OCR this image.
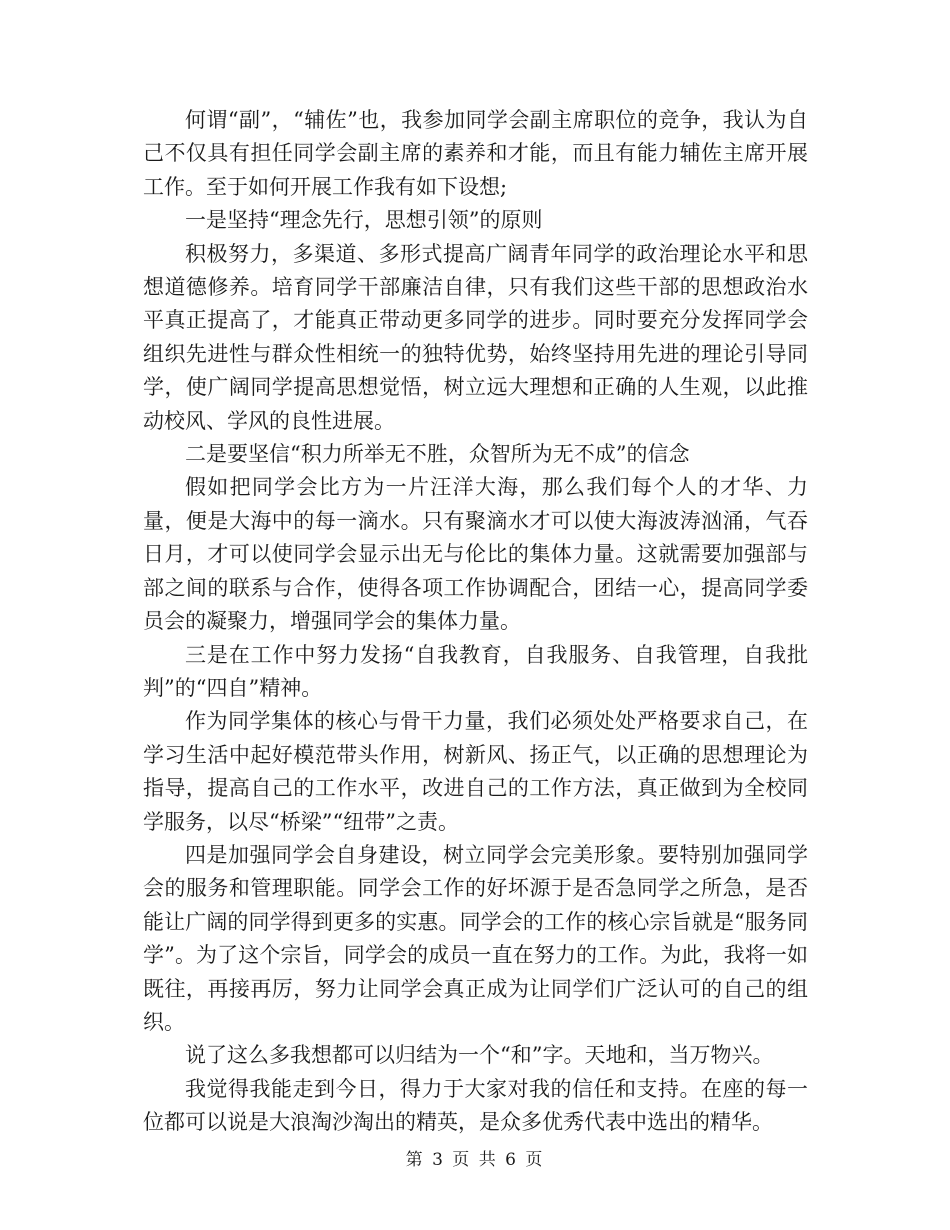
何谓“副”，“辅佐”也，我参加同学会副主席职位的竞争，我认为自己不仅具有担任同学会副主席的素养和才能，而且有能力辅佐主席开展工作。至于如何开展工作我有如下设想;

一是坚持“理念先行，思想引领”的原则

积极努力，多渠道、多形式提高广阔青年同学的政治理论水平和思想道德修养。培育同学干部廉洁自律，只有我们这些干部的思想政治水平真正提高了，才能真正带动更多同学的进步。同时要充分发挥同学会组织先进性与群众性相统一的独特优势，始终坚持用先进的理论引导同学，使广阔同学提高思想觉悟，树立远大理想和正确的人生观，以此推动校风、学风的良性进展。

二是要坚信“积力所举无不胜，众智所为无不成”的信念

假如把同学会比方为一片汪洋大海，那么我们每个人的才华、力量，便是大海中的每一滴水。只有聚滴水才可以使大海波涛汹涌，气吞日月，才可以使同学会显示出无与伦比的集体力量。这就需要加强部与部之间的联系与合作，使得各项工作协调配合，团结一心，提高同学委员会的凝聚力，增强同学会的集体力量。

三是在工作中努力发扬“自我教育，自我服务、自我管理，自我批判”的“四自”精神。

作为同学集体的核心与骨干力量，我们必须处处严格要求自己，在学习生活中起好模范带头作用，树新风、扬正气，以正确的思想理论为指导，提高自己的工作水平，改进自己的工作方法，真正做到为全校同学服务，以尽“桥梁”“纽带”之责。

四是加强同学会自身建设，树立同学会完美形象。要特别加强同学会的服务和管理职能。同学会工作的好坏源于是否急同学之所急，是否能让广阔的同学得到更多的实惠。同学会的工作的核心宗旨就是“服务同学”。为了这个宗旨，同学会的成员一直在努力的工作。为此，我将一如既往，再接再厉，努力让同学会真正成为让同学们广泛认可的自己的组织。

说了这么多我想都可以归结为一个“和”字。天地和，当万物兴。

我觉得我能走到今日，得力于大家对我的信任和支持。在座的每一位都可以说是大浪淘沙淘出的精英，是众多优秀代表中选出的精华。

第 3 页 共 6 页
